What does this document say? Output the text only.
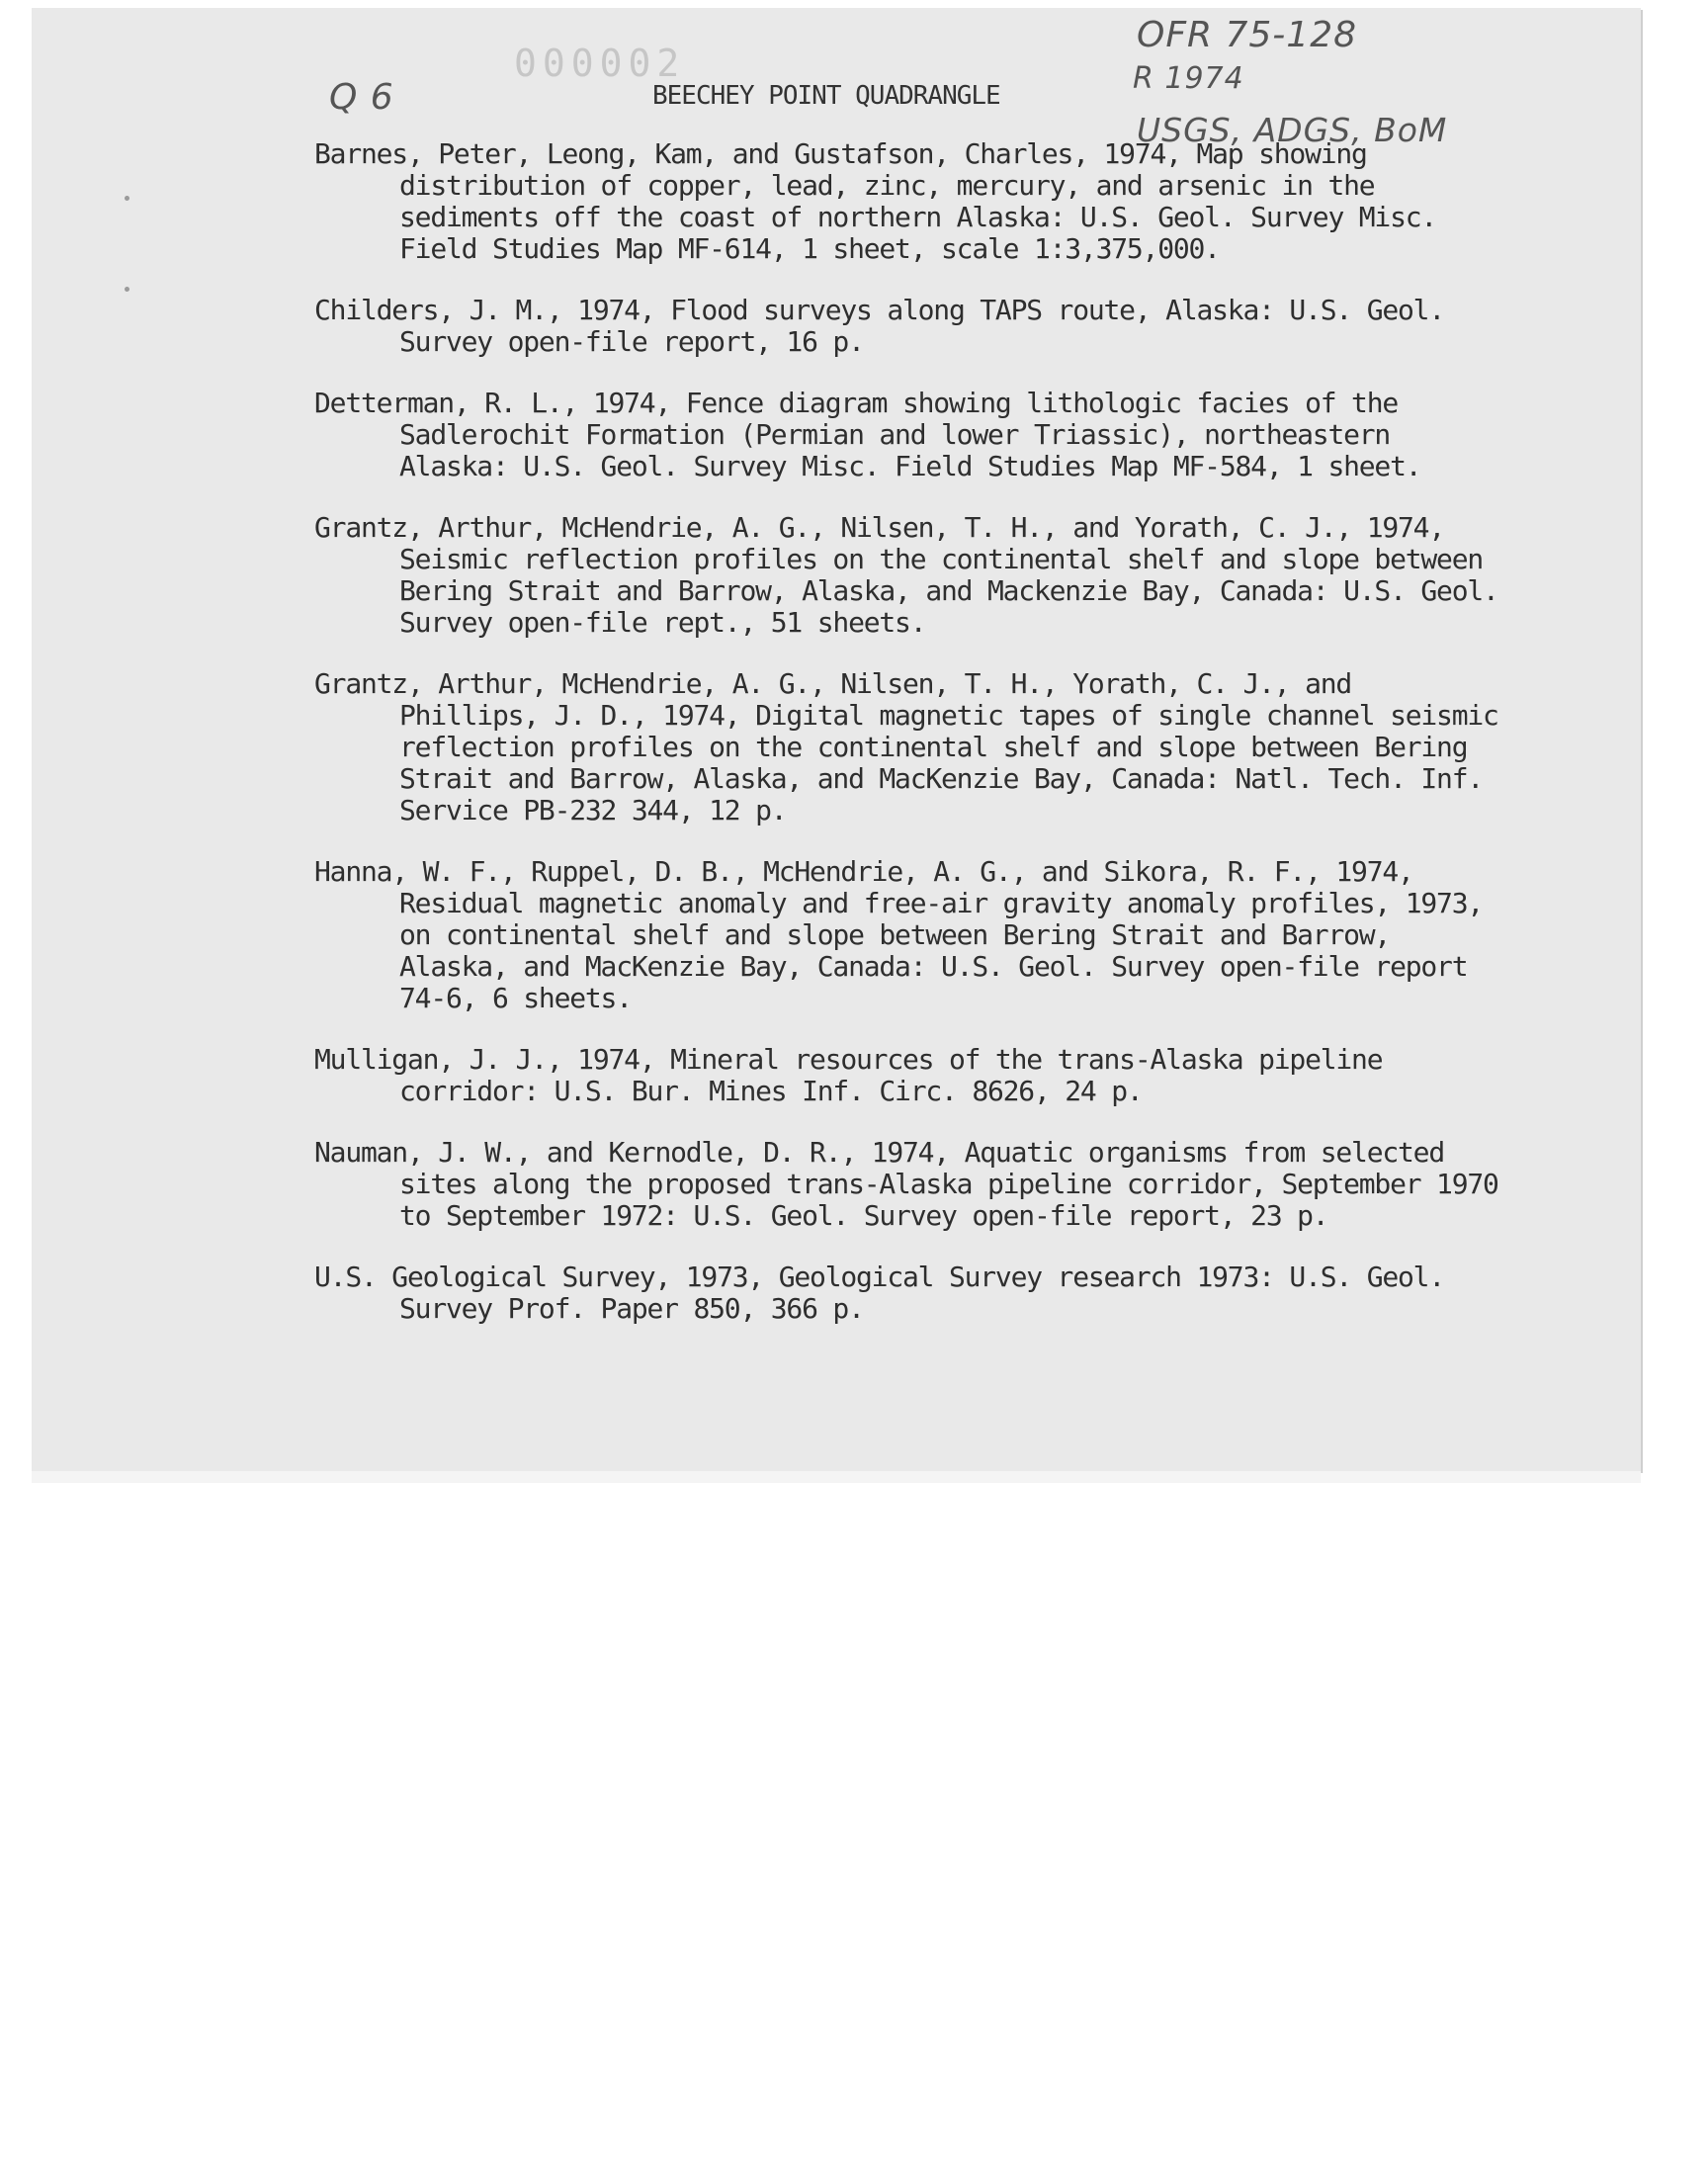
000002
Q 6
OFR 75-128
R 1974
USGS, ADGS, BoM
BEECHEY POINT QUADRANGLE

Barnes, Peter, Leong, Kam, and Gustafson, Charles, 1974, Map showing distribution of copper, lead, zinc, mercury, and arsenic in the sediments off the coast of northern Alaska: U.S. Geol. Survey Misc. Field Studies Map MF-614, 1 sheet, scale 1:3,375,000.

Childers, J. M., 1974, Flood surveys along TAPS route, Alaska: U.S. Geol. Survey open-file report, 16 p.

Detterman, R. L., 1974, Fence diagram showing lithologic facies of the Sadlerochit Formation (Permian and lower Triassic), northeastern Alaska: U.S. Geol. Survey Misc. Field Studies Map MF-584, 1 sheet.

Grantz, Arthur, McHendrie, A. G., Nilsen, T. H., and Yorath, C. J., 1974, Seismic reflection profiles on the continental shelf and slope between Bering Strait and Barrow, Alaska, and Mackenzie Bay, Canada: U.S. Geol. Survey open-file rept., 51 sheets.

Grantz, Arthur, McHendrie, A. G., Nilsen, T. H., Yorath, C. J., and Phillips, J. D., 1974, Digital magnetic tapes of single channel seismic reflection profiles on the continental shelf and slope between Bering Strait and Barrow, Alaska, and MacKenzie Bay, Canada: Natl. Tech. Inf. Service PB-232 344, 12 p.

Hanna, W. F., Ruppel, D. B., McHendrie, A. G., and Sikora, R. F., 1974, Residual magnetic anomaly and free-air gravity anomaly profiles, 1973, on continental shelf and slope between Bering Strait and Barrow, Alaska, and MacKenzie Bay, Canada: U.S. Geol. Survey open-file report 74-6, 6 sheets.

Mulligan, J. J., 1974, Mineral resources of the trans-Alaska pipeline corridor: U.S. Bur. Mines Inf. Circ. 8626, 24 p.

Nauman, J. W., and Kernodle, D. R., 1974, Aquatic organisms from selected sites along the proposed trans-Alaska pipeline corridor, September 1970 to September 1972: U.S. Geol. Survey open-file report, 23 p.

U.S. Geological Survey, 1973, Geological Survey research 1973: U.S. Geol. Survey Prof. Paper 850, 366 p.
